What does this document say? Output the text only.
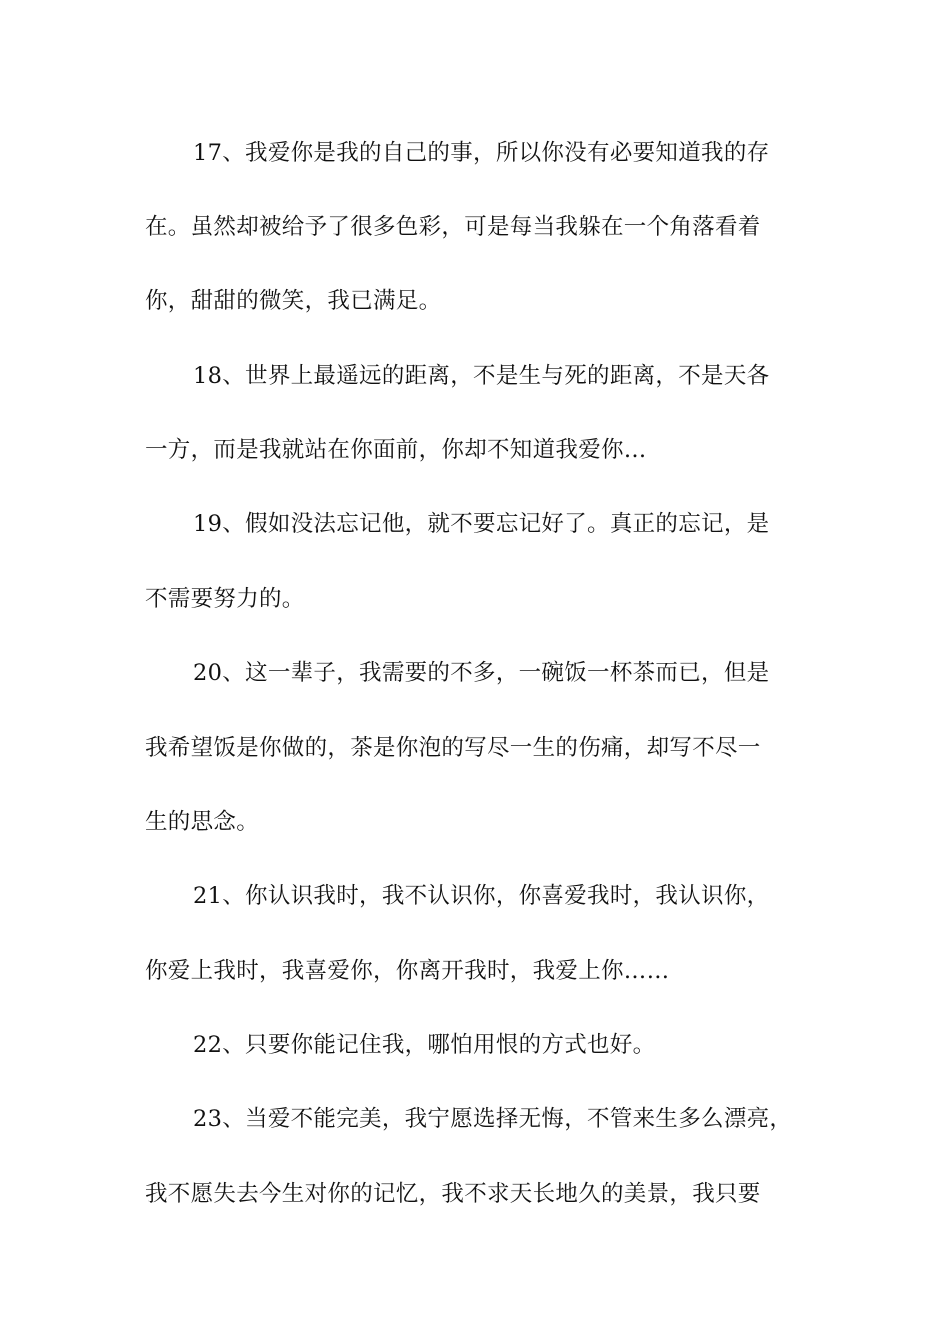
17、我爱你是我的自己的事，所以你没有必要知道我的存
在。虽然却被给予了很多色彩，可是每当我躲在一个角落看着
你，甜甜的微笑，我已满足。
18、世界上最遥远的距离，不是生与死的距离，不是天各
一方，而是我就站在你面前，你却不知道我爱你…
19、假如没法忘记他，就不要忘记好了。真正的忘记，是
不需要努力的。
20、这一辈子，我需要的不多，一碗饭一杯茶而已，但是
我希望饭是你做的，茶是你泡的写尽一生的伤痛，却写不尽一
生的思念。
21、你认识我时，我不认识你，你喜爱我时，我认识你，
你爱上我时，我喜爱你，你离开我时，我爱上你……
22、只要你能记住我，哪怕用恨的方式也好。
23、当爱不能完美，我宁愿选择无悔，不管来生多么漂亮，
我不愿失去今生对你的记忆，我不求天长地久的美景，我只要
